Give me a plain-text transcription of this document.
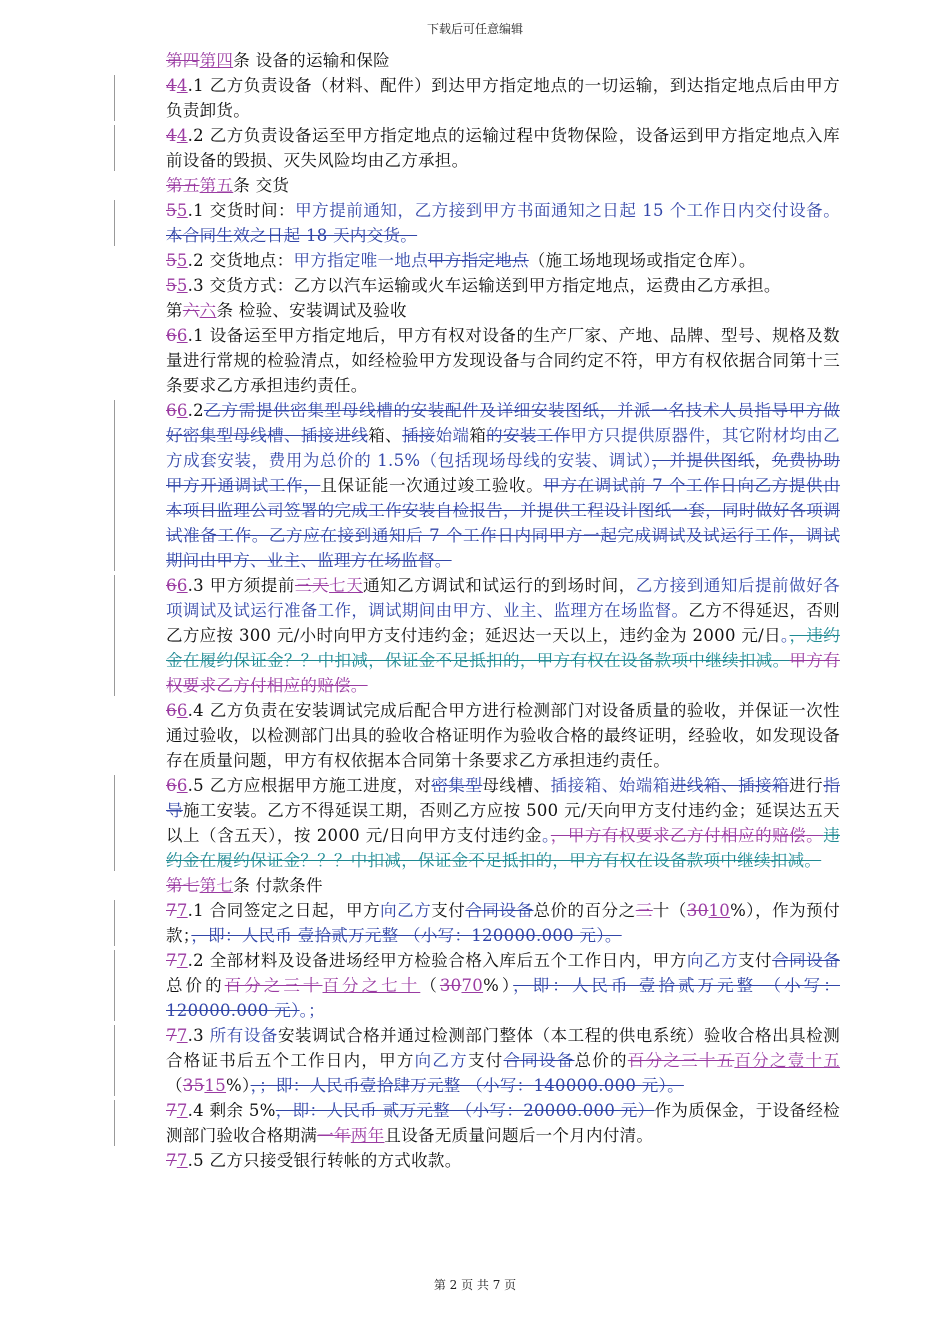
下载后可任意编辑

第四第四条 设备的运输和保险

44.1 乙方负责设备（材料、配件）到达甲方指定地点的一切运输，到达指定地点后由甲方负责卸货。

44.2 乙方负责设备运至甲方指定地点的运输过程中货物保险，设备运到甲方指定地点入库前设备的毁损、灭失风险均由乙方承担。

第五第五条 交货

55.1 交货时间：甲方提前通知，乙方接到甲方书面通知之日起 15 个工作日内交付设备。本合同生效之日起 18 天内交货。

55.2 交货地点：甲方指定唯一地点甲方指定地点（施工场地现场或指定仓库）。

55.3 交货方式：乙方以汽车运输或火车运输送到甲方指定地点，运费由乙方承担。

第六六条 检验、安装调试及验收

66.1 设备运至甲方指定地后，甲方有权对设备的生产厂家、产地、品牌、型号、规格及数量进行常规的检验清点，如经检验甲方发现设备与合同约定不符，甲方有权依据合同第十三条要求乙方承担违约责任。

66.2乙方需提供密集型母线槽的安装配件及详细安装图纸，并派一名技术人员指导甲方做好密集型母线槽、插接进线箱、插接始端箱的安装工作甲方只提供原器件，其它附材均由乙方成套安装，费用为总价的 1.5%（包括现场母线的安装、调试），并提供图纸，免费协助甲方开通调试工作，且保证能一次通过竣工验收。甲方在调试前 7 个工作日向乙方提供由本项目监理公司签署的完成工作安装自检报告，并提供工程设计图纸一套，同时做好各项调试准备工作。乙方应在接到通知后 7 个工作日内同甲方一起完成调试及试运行工作，调试期间由甲方、业主、监理方在场监督。

66.3 甲方须提前三天七天通知乙方调试和试运行的到场时间，乙方接到通知后提前做好各项调试及试运行准备工作，调试期间由甲方、业主、监理方在场监督。乙方不得延迟，否则乙方应按 300 元/小时向甲方支付违约金；延迟达一天以上，违约金为 2000 元/日。，违约金在履约保证金？？中扣减，保证金不足抵扣的，甲方有权在设备款项中继续扣减。甲方有权要求乙方付相应的赔偿。

66.4 乙方负责在安装调试完成后配合甲方进行检测部门对设备质量的验收，并保证一次性通过验收，以检测部门出具的验收合格证明作为验收合格的最终证明，经验收，如发现设备存在质量问题，甲方有权依据本合同第十条要求乙方承担违约责任。

66.5 乙方应根据甲方施工进度，对密集型母线槽、插接箱、始端箱进线箱、插接箱进行指导施工安装。乙方不得延误工期，否则乙方应按 500 元/天向甲方支付违约金；延误达五天以上（含五天），按 2000 元/日向甲方支付违约金。，甲方有权要求乙方付相应的赔偿。违约金在履约保证金？？？中扣减，保证金不足抵扣的，甲方有权在设备款项中继续扣减。

第七第七条 付款条件

77.1 合同签定之日起，甲方向乙方支付合同设备总价的百分之三十（3010%），作为预付款；，即：人民币 壹拾贰万元整 （小写：120000.000 元）。

77.2 全部材料及设备进场经甲方检验合格入库后五个工作日内，甲方向乙方支付合同设备总价的百分之三十百分之七十（3070%），即：人民币 壹拾贰万元整 （小写：120000.000 元）。；

77.3 所有设备安装调试合格并通过检测部门整体（本工程的供电系统）验收合格出具检测合格证书后五个工作日内，甲方向乙方支付合同设备总价的百分之三十五百分之壹十五（3515%），；即：人民币壹拾肆万元整 （小写：140000.000 元）。

77.4 剩余 5%，即：人民币 贰万元整 （小写：20000.000 元）作为质保金，于设备经检测部门验收合格期满一年两年且设备无质量问题后一个月内付清。

77.5 乙方只接受银行转帐的方式收款。

第 2 页 共 7 页
